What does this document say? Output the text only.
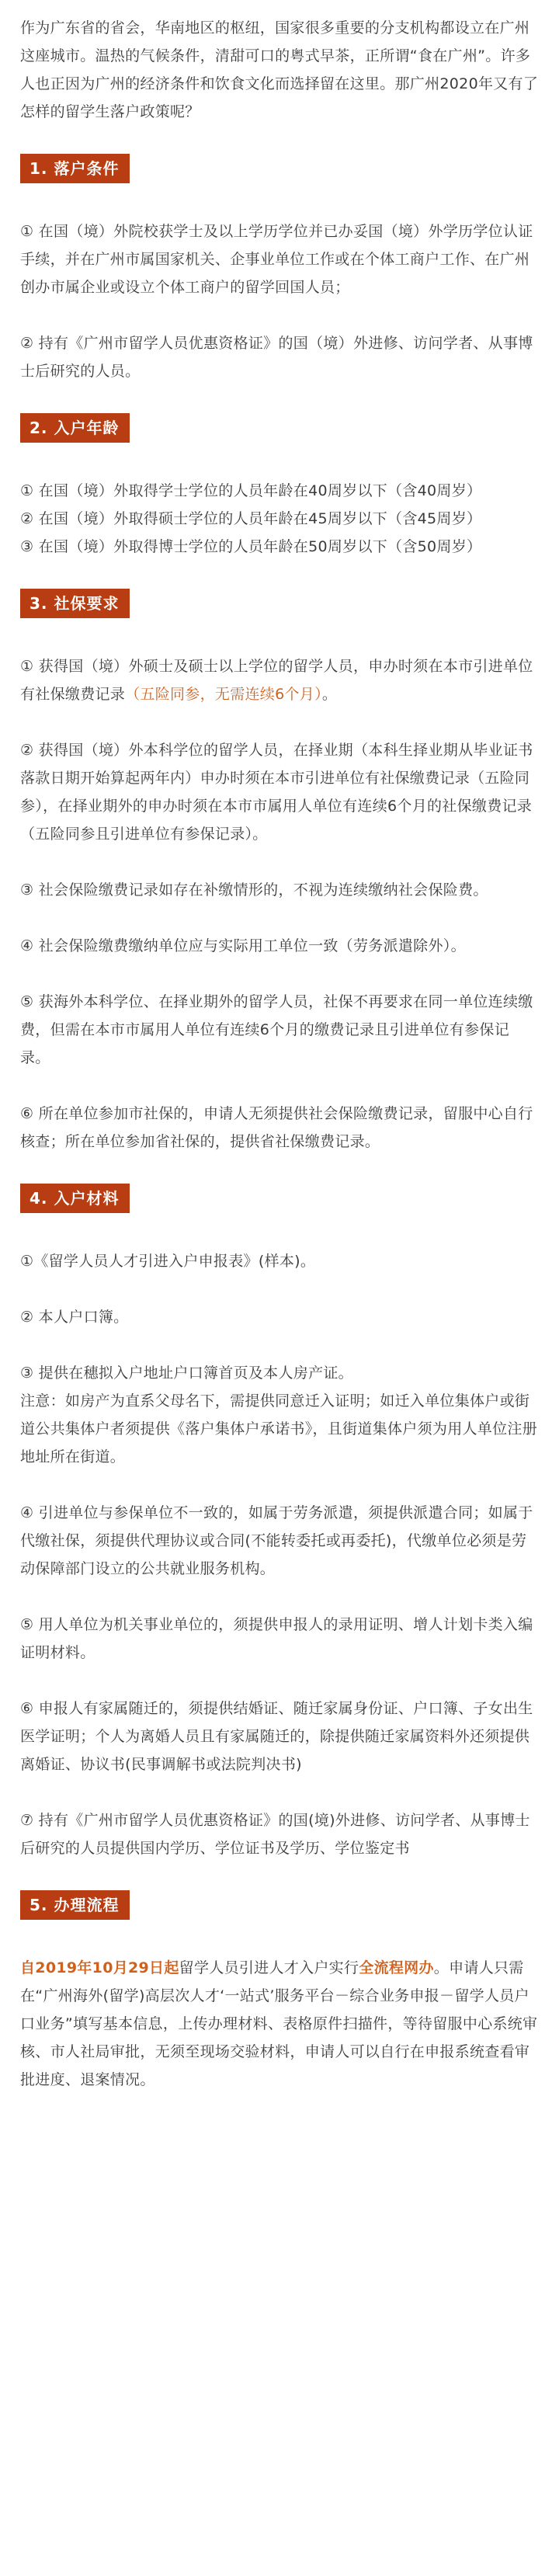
作为广东省的省会，华南地区的枢纽，国家很多重要的分支机构都设立在广州这座城市。温热的气候条件，清甜可口的粤式早茶，正所谓“食在广州”。许多人也正因为广州的经济条件和饮食文化而选择留在这里。那广州2020年又有了怎样的留学生落户政策呢？

1. 落户条件

① 在国（境）外院校获学士及以上学历学位并已办妥国（境）外学历学位认证手续，并在广州市属国家机关、企事业单位工作或在个体工商户工作、在广州创办市属企业或设立个体工商户的留学回国人员；

② 持有《广州市留学人员优惠资格证》的国（境）外进修、访问学者、从事博士后研究的人员。

2. 入户年龄

① 在国（境）外取得学士学位的人员年龄在40周岁以下（含40周岁）

② 在国（境）外取得硕士学位的人员年龄在45周岁以下（含45周岁）

③ 在国（境）外取得博士学位的人员年龄在50周岁以下（含50周岁）

3. 社保要求

① 获得国（境）外硕士及硕士以上学位的留学人员，申办时须在本市引进单位有社保缴费记录（五险同参，无需连续6个月）。

② 获得国（境）外本科学位的留学人员，在择业期（本科生择业期从毕业证书落款日期开始算起两年内）申办时须在本市引进单位有社保缴费记录（五险同参），在择业期外的申办时须在本市市属用人单位有连续6个月的社保缴费记录（五险同参且引进单位有参保记录）。

③ 社会保险缴费记录如存在补缴情形的，不视为连续缴纳社会保险费。

④ 社会保险缴费缴纳单位应与实际用工单位一致（劳务派遣除外）。

⑤ 获海外本科学位、在择业期外的留学人员，社保不再要求在同一单位连续缴费，但需在本市市属用人单位有连续6个月的缴费记录且引进单位有参保记录。

⑥ 所在单位参加市社保的，申请人无须提供社会保险缴费记录，留服中心自行核查；所在单位参加省社保的，提供省社保缴费记录。

4. 入户材料

①《留学人员人才引进入户申报表》(样本)。

② 本人户口簿。

③ 提供在穗拟入户地址户口簿首页及本人房产证。

注意：如房产为直系父母名下，需提供同意迁入证明；如迁入单位集体户或街道公共集体户者须提供《落户集体户承诺书》，且街道集体户须为用人单位注册地址所在街道。

④ 引进单位与参保单位不一致的，如属于劳务派遣，须提供派遣合同；如属于代缴社保，须提供代理协议或合同(不能转委托或再委托)，代缴单位必须是劳动保障部门设立的公共就业服务机构。

⑤ 用人单位为机关事业单位的，须提供申报人的录用证明、增人计划卡类入编证明材料。

⑥ 申报人有家属随迁的，须提供结婚证、随迁家属身份证、户口簿、子女出生医学证明；个人为离婚人员且有家属随迁的，除提供随迁家属资料外还须提供离婚证、协议书(民事调解书或法院判决书)

⑦ 持有《广州市留学人员优惠资格证》的国(境)外进修、访问学者、从事博士后研究的人员提供国内学历、学位证书及学历、学位鉴定书

5. 办理流程

自2019年10月29日起留学人员引进人才入户实行全流程网办。申请人只需在“广州海外(留学)高层次人才‘一站式’服务平台－综合业务申报－留学人员户口业务”填写基本信息，上传办理材料、表格原件扫描件，等待留服中心系统审核、市人社局审批，无须至现场交验材料，申请人可以自行在申报系统查看审批进度、退案情况。
